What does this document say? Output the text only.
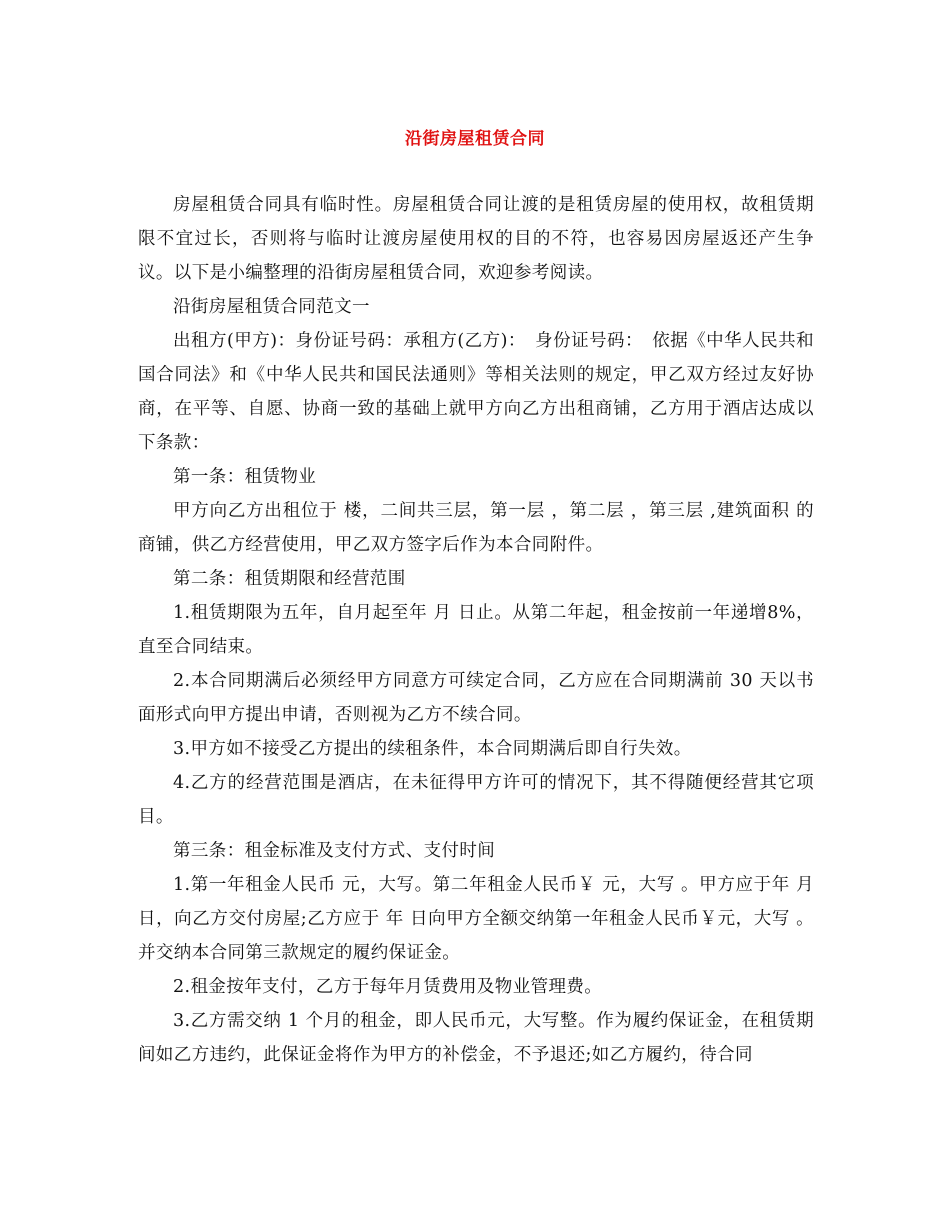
沿街房屋租赁合同

房屋租赁合同具有临时性。房屋租赁合同让渡的是租赁房屋的使用权，故租赁期限不宜过长，否则将与临时让渡房屋使用权的目的不符，也容易因房屋返还产生争议。以下是小编整理的沿街房屋租赁合同，欢迎参考阅读。

沿街房屋租赁合同范文一

出租方(甲方)：身份证号码：承租方(乙方)：　身份证号码：　依据《中华人民共和国合同法》和《中华人民共和国民法通则》等相关法则的规定，甲乙双方经过友好协商，在平等、自愿、协商一致的基础上就甲方向乙方出租商铺，乙方用于酒店达成以下条款：

第一条：租赁物业

甲方向乙方出租位于 楼，二间共三层，第一层 ，第二层 ，第三层 ,建筑面积 的商铺，供乙方经营使用，甲乙双方签字后作为本合同附件。

第二条：租赁期限和经营范围

1.租赁期限为五年，自月起至年 月 日止。从第二年起，租金按前一年递增8%，直至合同结束。

2.本合同期满后必须经甲方同意方可续定合同，乙方应在合同期满前 30 天以书面形式向甲方提出申请，否则视为乙方不续合同。

3.甲方如不接受乙方提出的续租条件，本合同期满后即自行失效。

4.乙方的经营范围是酒店，在未征得甲方许可的情况下，其不得随便经营其它项目。

第三条：租金标准及支付方式、支付时间

1.第一年租金人民币 元，大写。第二年租金人民币￥ 元，大写 。甲方应于年 月 日，向乙方交付房屋;乙方应于 年 日向甲方全额交纳第一年租金人民币￥元，大写 。并交纳本合同第三款规定的履约保证金。

2.租金按年支付，乙方于每年月赁费用及物业管理费。

3.乙方需交纳 1 个月的租金，即人民币元，大写整。作为履约保证金，在租赁期间如乙方违约，此保证金将作为甲方的补偿金，不予退还;如乙方履约，待合同
